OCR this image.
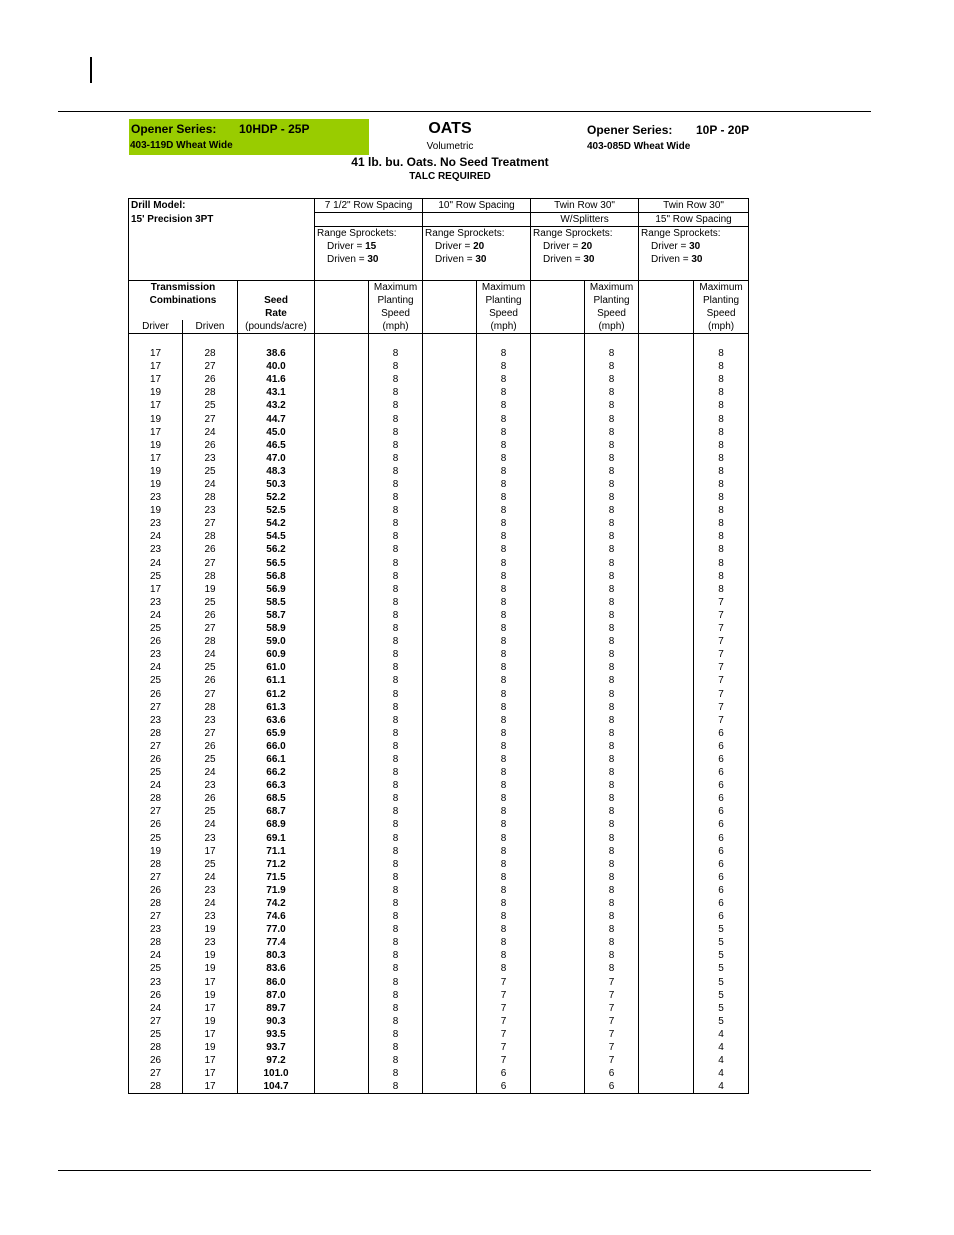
Opener Series: 10HDP - 25P
403-119D Wheat Wide
OATS
Volumetric
Opener Series: 10P - 20P
403-085D Wheat Wide
41 lb. bu. Oats. No Seed Treatment
TALC REQUIRED
Drill Model:			7 1/2" Row Spacing		10" Row Spacing		Twin Row 30"		Twin Row 30"	
15' Precision 3PT							W/Splitters		15" Row Spacing	
			Range Sprockets:		Range Sprockets:		Range Sprockets:		Range Sprockets:	
			Driver = 15		Driver = 20		Driver = 20		Driver = 30	
			Driven = 30		Driven = 30		Driven = 30		Driven = 30	

Transmission				Maximum		Maximum		Maximum		Maximum
Combinations		Seed		Planting		Planting		Planting		Planting
		Rate		Speed		Speed		Speed		Speed
Driver	Driven	(pounds/acre)		(mph)		(mph)		(mph)		(mph)

17	28	38.6		8		8		8		8
17	27	40.0		8		8		8		8
17	26	41.6		8		8		8		8
19	28	43.1		8		8		8		8
17	25	43.2		8		8		8		8
19	27	44.7		8		8		8		8
17	24	45.0		8		8		8		8
19	26	46.5		8		8		8		8
17	23	47.0		8		8		8		8
19	25	48.3		8		8		8		8
19	24	50.3		8		8		8		8
23	28	52.2		8		8		8		8
19	23	52.5		8		8		8		8
23	27	54.2		8		8		8		8
24	28	54.5		8		8		8		8
23	26	56.2		8		8		8		8
24	27	56.5		8		8		8		8
25	28	56.8		8		8		8		8
17	19	56.9		8		8		8		8
23	25	58.5		8		8		8		7
24	26	58.7		8		8		8		7
25	27	58.9		8		8		8		7
26	28	59.0		8		8		8		7
23	24	60.9		8		8		8		7
24	25	61.0		8		8		8		7
25	26	61.1		8		8		8		7
26	27	61.2		8		8		8		7
27	28	61.3		8		8		8		7
23	23	63.6		8		8		8		7
28	27	65.9		8		8		8		6
27	26	66.0		8		8		8		6
26	25	66.1		8		8		8		6
25	24	66.2		8		8		8		6
24	23	66.3		8		8		8		6
28	26	68.5		8		8		8		6
27	25	68.7		8		8		8		6
26	24	68.9		8		8		8		6
25	23	69.1		8		8		8		6
19	17	71.1		8		8		8		6
28	25	71.2		8		8		8		6
27	24	71.5		8		8		8		6
26	23	71.9		8		8		8		6
28	24	74.2		8		8		8		6
27	23	74.6		8		8		8		6
23	19	77.0		8		8		8		5
28	23	77.4		8		8		8		5
24	19	80.3		8		8		8		5
25	19	83.6		8		8		8		5
23	17	86.0		8		7		7		5
26	19	87.0		8		7		7		5
24	17	89.7		8		7		7		5
27	19	90.3		8		7		7		5
25	17	93.5		8		7		7		4
28	19	93.7		8		7		7		4
26	17	97.2		8		7		7		4
27	17	101.0		8		6		6		4
28	17	104.7		8		6		6		4
